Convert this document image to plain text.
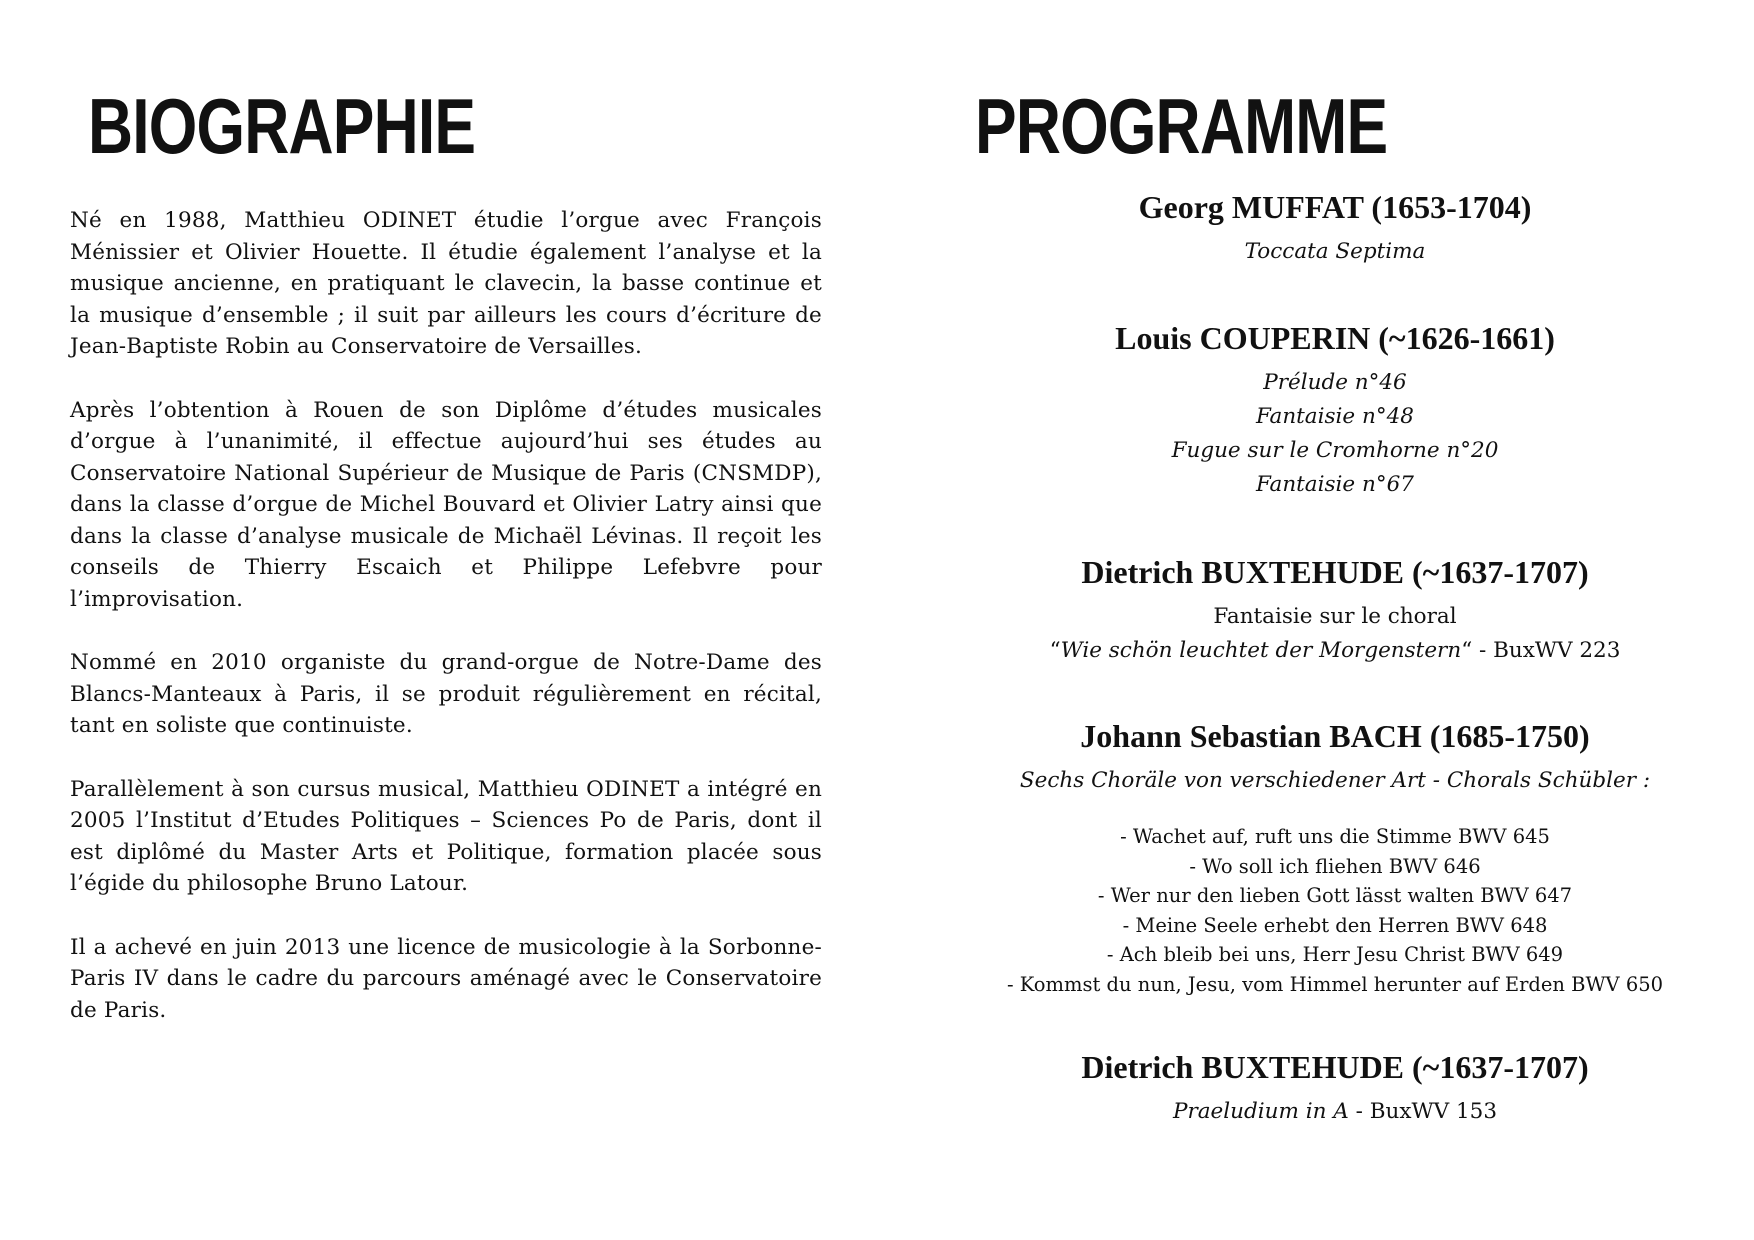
BIOGRAPHIE

Né en 1988, Matthieu ODINET étudie l’orgue avec François Ménissier et Olivier Houette. Il étudie également l’analyse et la musique ancienne, en pratiquant le clavecin, la basse continue et la musique d’ensemble ; il suit par ailleurs les cours d’écriture de Jean-Baptiste Robin au Conservatoire de Versailles.

Après l’obtention à Rouen de son Diplôme d’études musicales d’orgue à l’unanimité, il effectue aujourd’hui ses études au Conservatoire National Supérieur de Musique de Paris (CNSMDP), dans la classe d’orgue de Michel Bouvard et Olivier Latry ainsi que dans la classe d’analyse musicale de Michaël Lévinas. Il reçoit les conseils de Thierry Escaich et Philippe Lefebvre pour l’improvisation.

Nommé en 2010 organiste du grand-orgue de Notre-Dame des Blancs-Manteaux à Paris, il se produit régulièrement en récital, tant en soliste que continuiste.

Parallèlement à son cursus musical, Matthieu ODINET a intégré en 2005 l’Institut d’Etudes Politiques – Sciences Po de Paris, dont il est diplômé du Master Arts et Politique, formation placée sous l’égide du philosophe Bruno Latour.

Il a achevé en juin 2013 une licence de musicologie à la Sorbonne-Paris IV dans le cadre du parcours aménagé avec le Conservatoire de Paris.

PROGRAMME
Georg MUFFAT (1653-1704)
Toccata Septima
Louis COUPERIN (~1626-1661)
Prélude n°46
Fantaisie n°48
Fugue sur le Cromhorne n°20
Fantaisie n°67
Dietrich BUXTEHUDE (~1637-1707)
Fantaisie sur le choral
“Wie schön leuchtet der Morgenstern“ - BuxWV 223
Johann Sebastian BACH (1685-1750)
Sechs Choräle von verschiedener Art - Chorals Schübler :
- Wachet auf, ruft uns die Stimme BWV 645
- Wo soll ich fliehen BWV 646
- Wer nur den lieben Gott lässt walten BWV 647
- Meine Seele erhebt den Herren BWV 648
- Ach bleib bei uns, Herr Jesu Christ BWV 649
- Kommst du nun, Jesu, vom Himmel herunter auf Erden BWV 650
Dietrich BUXTEHUDE (~1637-1707)
Praeludium in A - BuxWV 153
